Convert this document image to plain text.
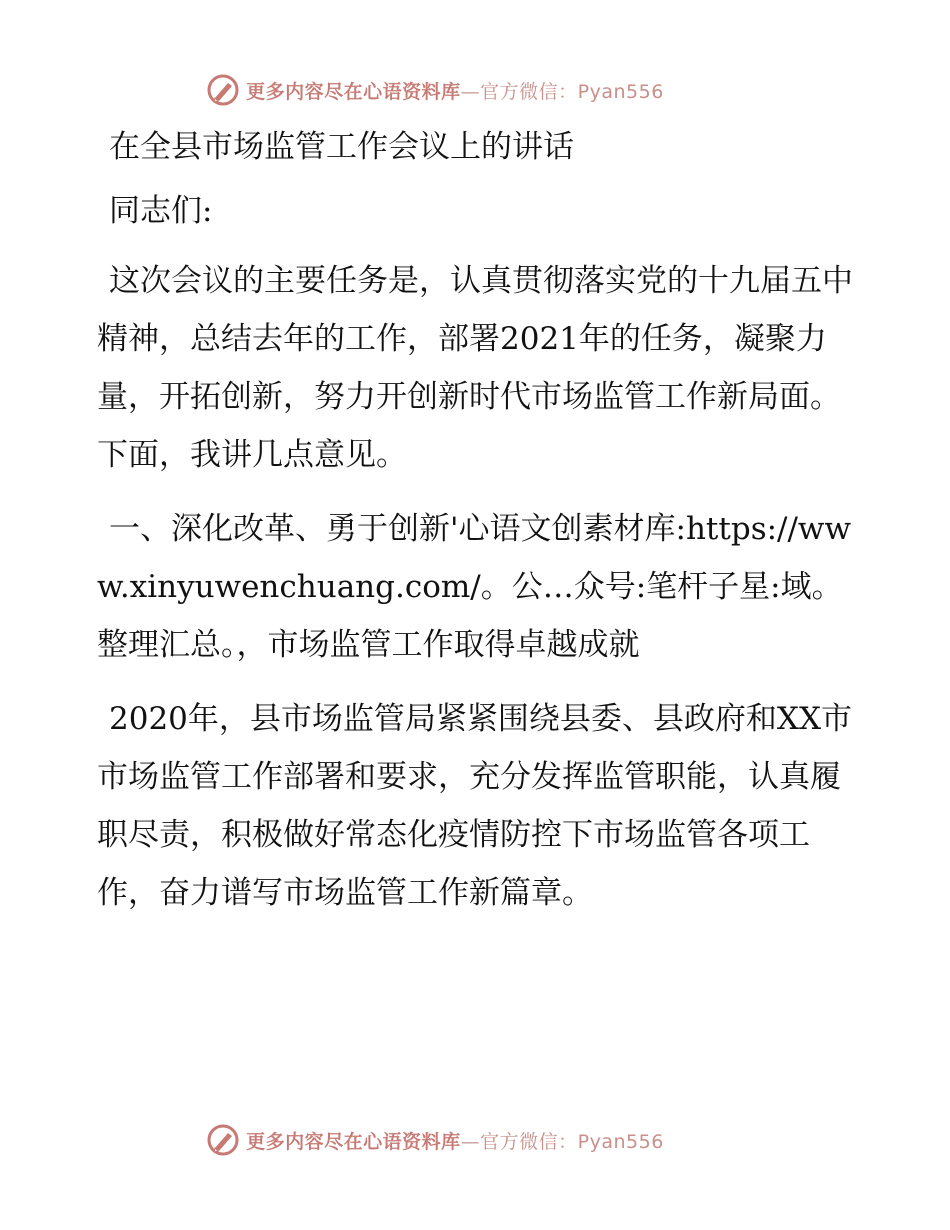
更多内容尽在心语资料库—官方微信：Pyan556
在全县市场监管工作会议上的讲话
同志们:
这次会议的主要任务是，认真贯彻落实党的十九届五中精神，总结去年的工作，部署2021年的任务，凝聚力量，开拓创新，努力开创新时代市场监管工作新局面。下面，我讲几点意见。
一、深化改革、勇于创新'心语文创素材库:https://www.xinyuwenchuang.com/。公…众号:笔杆子星:域。整理汇总。，市场监管工作取得卓越成就
2020年，县市场监管局紧紧围绕县委、县政府和XX市市场监管工作部署和要求，充分发挥监管职能，认真履职尽责，积极做好常态化疫情防控下市场监管各项工作，奋力谱写市场监管工作新篇章。
更多内容尽在心语资料库—官方微信：Pyan556
